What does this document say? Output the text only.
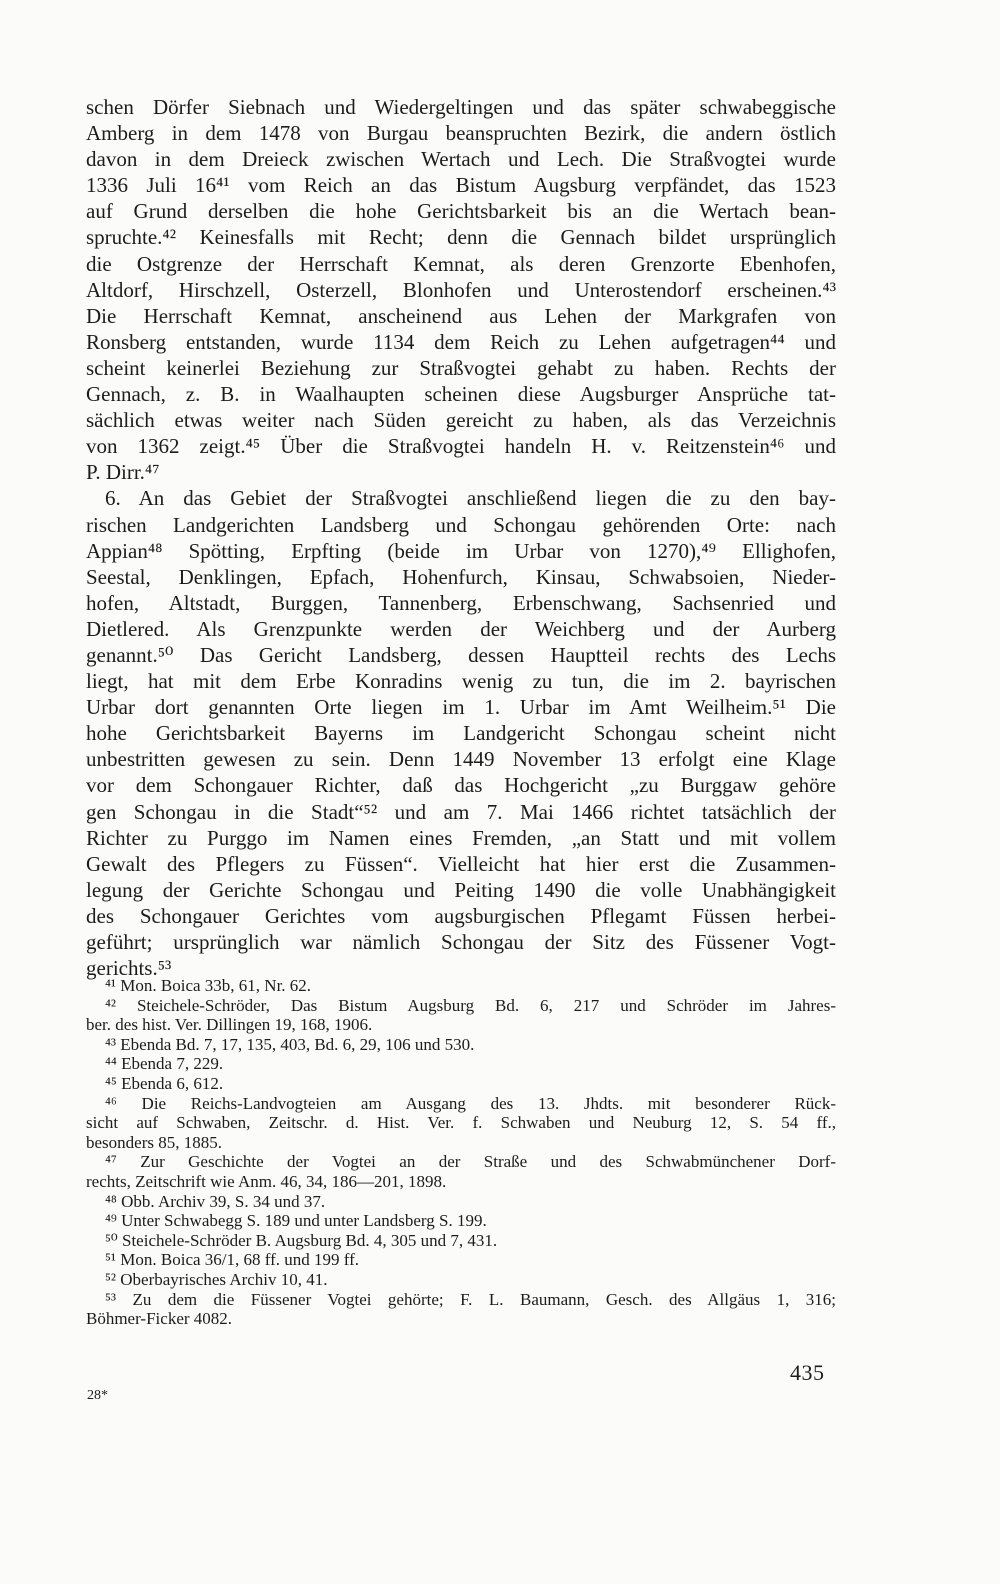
schen Dörfer Siebnach und Wiedergeltingen und das später schwabeggische
Amberg in dem 1478 von Burgau beanspruchten Bezirk, die andern östlich
davon in dem Dreieck zwischen Wertach und Lech. Die Straßvogtei wurde
1336 Juli 16⁴¹ vom Reich an das Bistum Augsburg verpfändet, das 1523
auf Grund derselben die hohe Gerichtsbarkeit bis an die Wertach bean-
spruchte.⁴² Keinesfalls mit Recht; denn die Gennach bildet ursprünglich
die Ostgrenze der Herrschaft Kemnat, als deren Grenzorte Ebenhofen,
Altdorf, Hirschzell, Osterzell, Blonhofen und Unterostendorf erscheinen.⁴³
Die Herrschaft Kemnat, anscheinend aus Lehen der Markgrafen von
Ronsberg entstanden, wurde 1134 dem Reich zu Lehen aufgetragen⁴⁴ und
scheint keinerlei Beziehung zur Straßvogtei gehabt zu haben. Rechts der
Gennach, z. B. in Waalhaupten scheinen diese Augsburger Ansprüche tat-
sächlich etwas weiter nach Süden gereicht zu haben, als das Verzeichnis
von 1362 zeigt.⁴⁵ Über die Straßvogtei handeln H. v. Reitzenstein⁴⁶ und
P. Dirr.⁴⁷
6. An das Gebiet der Straßvogtei anschließend liegen die zu den bay-
rischen Landgerichten Landsberg und Schongau gehörenden Orte: nach
Appian⁴⁸ Spötting, Erpfting (beide im Urbar von 1270),⁴⁹ Ellighofen,
Seestal, Denklingen, Epfach, Hohenfurch, Kinsau, Schwabsoien, Nieder-
hofen, Altstadt, Burggen, Tannenberg, Erbenschwang, Sachsenried und
Dietlered. Als Grenzpunkte werden der Weichberg und der Aurberg
genannt.⁵⁰ Das Gericht Landsberg, dessen Hauptteil rechts des Lechs
liegt, hat mit dem Erbe Konradins wenig zu tun, die im 2. bayrischen
Urbar dort genannten Orte liegen im 1. Urbar im Amt Weilheim.⁵¹ Die
hohe Gerichtsbarkeit Bayerns im Landgericht Schongau scheint nicht
unbestritten gewesen zu sein. Denn 1449 November 13 erfolgt eine Klage
vor dem Schongauer Richter, daß das Hochgericht „zu Burggaw gehöre
gen Schongau in die Stadt“⁵² und am 7. Mai 1466 richtet tatsächlich der
Richter zu Purggo im Namen eines Fremden, „an Statt und mit vollem
Gewalt des Pflegers zu Füssen“. Vielleicht hat hier erst die Zusammen-
legung der Gerichte Schongau und Peiting 1490 die volle Unabhängigkeit
des Schongauer Gerichtes vom augsburgischen Pflegamt Füssen herbei-
geführt; ursprünglich war nämlich Schongau der Sitz des Füssener Vogt-
gerichts.⁵³
⁴¹ Mon. Boica 33b, 61, Nr. 62.
⁴² Steichele-Schröder, Das Bistum Augsburg Bd. 6, 217 und Schröder im Jahres-
ber. des hist. Ver. Dillingen 19, 168, 1906.
⁴³ Ebenda Bd. 7, 17, 135, 403, Bd. 6, 29, 106 und 530.
⁴⁴ Ebenda 7, 229.
⁴⁵ Ebenda 6, 612.
⁴⁶ Die Reichs-Landvogteien am Ausgang des 13. Jhdts. mit besonderer Rück-
sicht auf Schwaben, Zeitschr. d. Hist. Ver. f. Schwaben und Neuburg 12, S. 54 ff.,
besonders 85, 1885.
⁴⁷ Zur Geschichte der Vogtei an der Straße und des Schwabmünchener Dorf-
rechts, Zeitschrift wie Anm. 46, 34, 186—201, 1898.
⁴⁸ Obb. Archiv 39, S. 34 und 37.
⁴⁹ Unter Schwabegg S. 189 und unter Landsberg S. 199.
⁵⁰ Steichele-Schröder B. Augsburg Bd. 4, 305 und 7, 431.
⁵¹ Mon. Boica 36/1, 68 ff. und 199 ff.
⁵² Oberbayrisches Archiv 10, 41.
⁵³ Zu dem die Füssener Vogtei gehörte; F. L. Baumann, Gesch. des Allgäus 1, 316;
Böhmer-Ficker 4082.
435
28*
